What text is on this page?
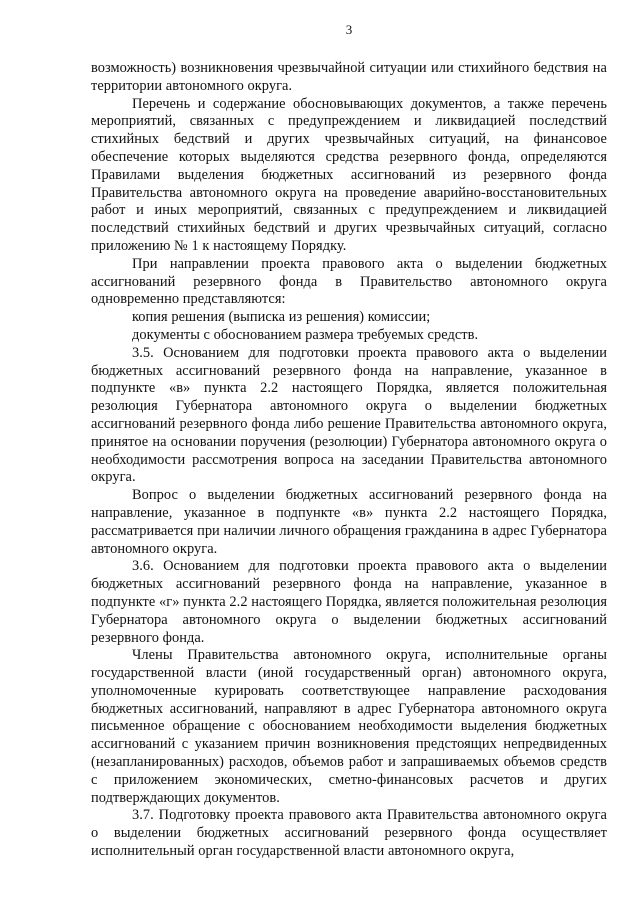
3

возможность) возникновения чрезвычайной ситуации или стихийного бедствия на территории автономного округа.

Перечень и содержание обосновывающих документов, а также перечень мероприятий, связанных с предупреждением и ликвидацией последствий стихийных бедствий и других чрезвычайных ситуаций, на финансовое обеспечение которых выделяются средства резервного фонда, определяются Правилами выделения бюджетных ассигнований из резервного фонда Правительства автономного округа на проведение аварийно-восстановительных работ и иных мероприятий, связанных с предупреждением и ликвидацией последствий стихийных бедствий и других чрезвычайных ситуаций, согласно приложению № 1 к настоящему Порядку.

При направлении проекта правового акта о выделении бюджетных ассигнований резервного фонда в Правительство автономного округа одновременно представляются:

копия решения (выписка из решения) комиссии;

документы с обоснованием размера требуемых средств.

3.5. Основанием для подготовки проекта правового акта о выделении бюджетных ассигнований резервного фонда на направление, указанное в подпункте «в» пункта 2.2 настоящего Порядка, является положительная резолюция Губернатора автономного округа о выделении бюджетных ассигнований резервного фонда либо решение Правительства автономного округа, принятое на основании поручения (резолюции) Губернатора автономного округа о необходимости рассмотрения вопроса на заседании Правительства автономного округа.

Вопрос о выделении бюджетных ассигнований резервного фонда на направление, указанное в подпункте «в» пункта 2.2 настоящего Порядка, рассматривается при наличии личного обращения гражданина в адрес Губернатора автономного округа.

3.6. Основанием для подготовки проекта правового акта о выделении бюджетных ассигнований резервного фонда на направление, указанное в подпункте «г» пункта 2.2 настоящего Порядка, является положительная резолюция Губернатора автономного округа о выделении бюджетных ассигнований резервного фонда.

Члены Правительства автономного округа, исполнительные органы государственной власти (иной государственный орган) автономного округа, уполномоченные курировать соответствующее направление расходования бюджетных ассигнований, направляют в адрес Губернатора автономного округа письменное обращение с обоснованием необходимости выделения бюджетных ассигнований с указанием причин возникновения предстоящих непредвиденных (незапланированных) расходов, объемов работ и запрашиваемых объемов средств с приложением экономических, сметно-финансовых расчетов и других подтверждающих документов.

3.7. Подготовку проекта правового акта Правительства автономного округа о выделении бюджетных ассигнований резервного фонда осуществляет исполнительный орган государственной власти автономного округа,
